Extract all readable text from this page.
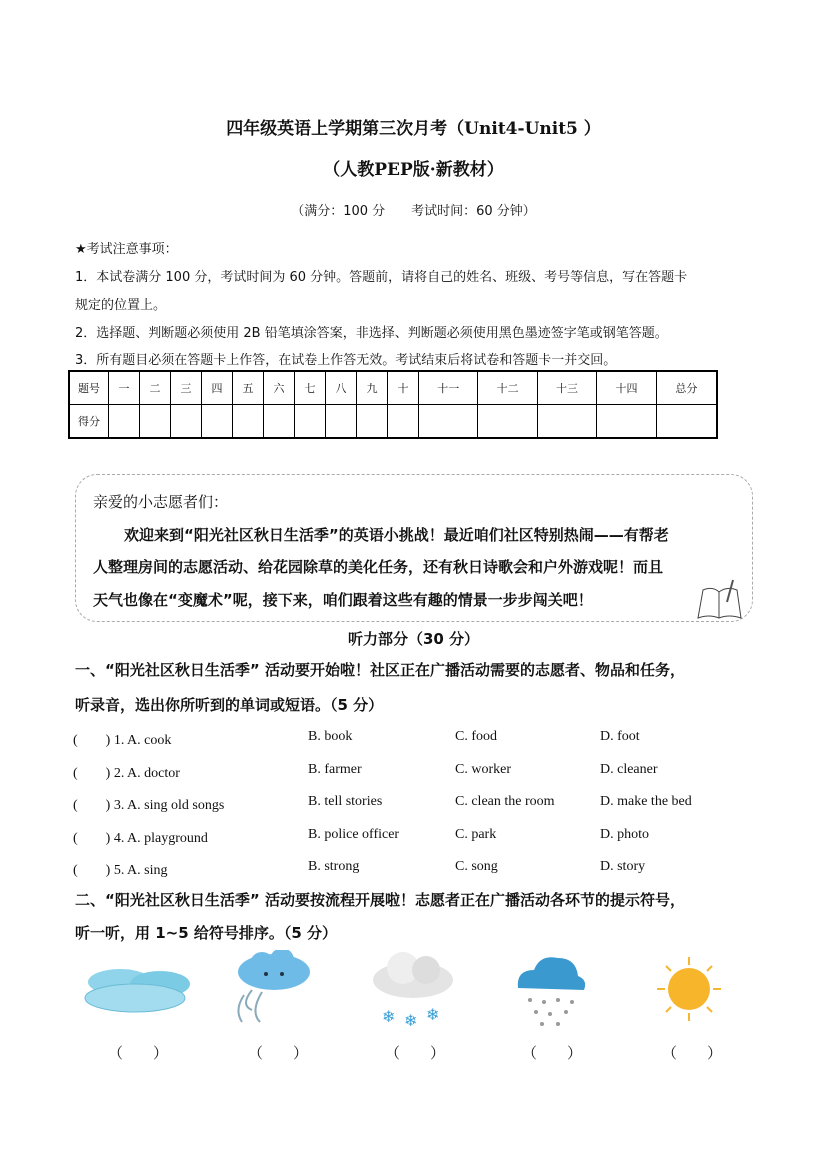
四年级英语上学期第三次月考（Unit4-Unit5 ）
（人教PEP版·新教材）
（满分：100 分　　考试时间：60 分钟）
★考试注意事项：
1．本试卷满分 100 分，考试时间为 60 分钟。答题前，请将自己的姓名、班级、考号等信息，写在答题卡
规定的位置上。
2．选择题、判断题必须使用 2B 铅笔填涂答案，非选择、判断题必须使用黑色墨迹签字笔或钢笔答题。
3．所有题目必须在答题卡上作答，在试卷上作答无效。考试结束后将试卷和答题卡一并交回。
题号	一	二	三	四	五	六	七	八	九	十	十一	十二	十三	十四	总分
得分															
亲爱的小志愿者们：
欢迎来到“阳光社区秋日生活季”的英语小挑战！最近咱们社区特别热闹——有帮老
人整理房间的志愿活动、给花园除草的美化任务，还有秋日诗歌会和户外游戏呢！而且
天气也像在“变魔术”呢，接下来，咱们跟着这些有趣的情景一步步闯关吧！
听力部分（30 分）
一、“阳光社区秋日生活季” 活动要开始啦！社区正在广播活动需要的志愿者、物品和任务，
听录音，选出你所听到的单词或短语。（5 分）
(　　) 1. A. cook	B. book	C. food	D. foot
(　　) 2. A. doctor	B. farmer	C. worker	D. cleaner
(　　) 3. A. sing old songs	B. tell stories	C. clean the room	D. make the bed
(　　) 4. A. playground	B. police officer	C. park	D. photo
(　　) 5. A. sing	B. strong	C. song	D. story
二、“阳光社区秋日生活季” 活动要按流程开展啦！志愿者正在广播活动各环节的提示符号，
听一听，用 1~5 给符号排序。（5 分）
❄ ❄ ❄
（　　）	（　　）	（　　）	（　　）	（　　）
